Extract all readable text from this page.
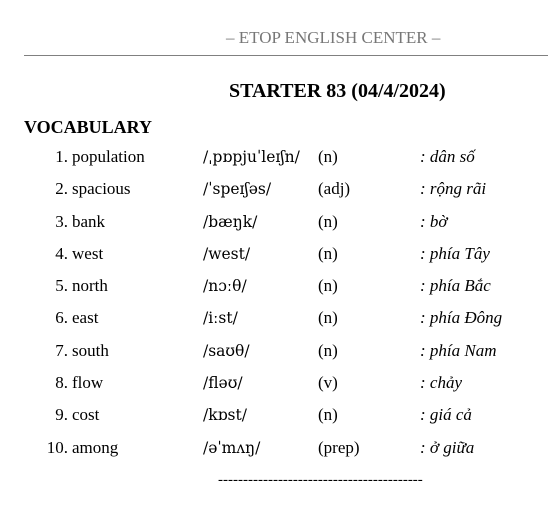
– ETOP ENGLISH CENTER –
STARTER 83 (04/4/2024)
VOCABULARY
1. population	/ˌpɒpjuˈleɪʃn/ (n)	: dân số
2. spacious	/ˈspeɪʃəs/	(adj)	: rộng rãi
3. bank	/bæŋk/	(n)	: bờ
4. west	/west/	(n)	: phía Tây
5. north	/nɔːθ/	(n)	: phía Bắc
6. east	/iːst/	(n)	: phía Đông
7. south	/saʊθ/	(n)	: phía Nam
8. flow	/fləʊ/	(v)	: chảy
9. cost	/kɒst/	(n)	: giá cả
10. among	/əˈmʌŋ/	(prep)	: ở giữa
-----------------------------------------
